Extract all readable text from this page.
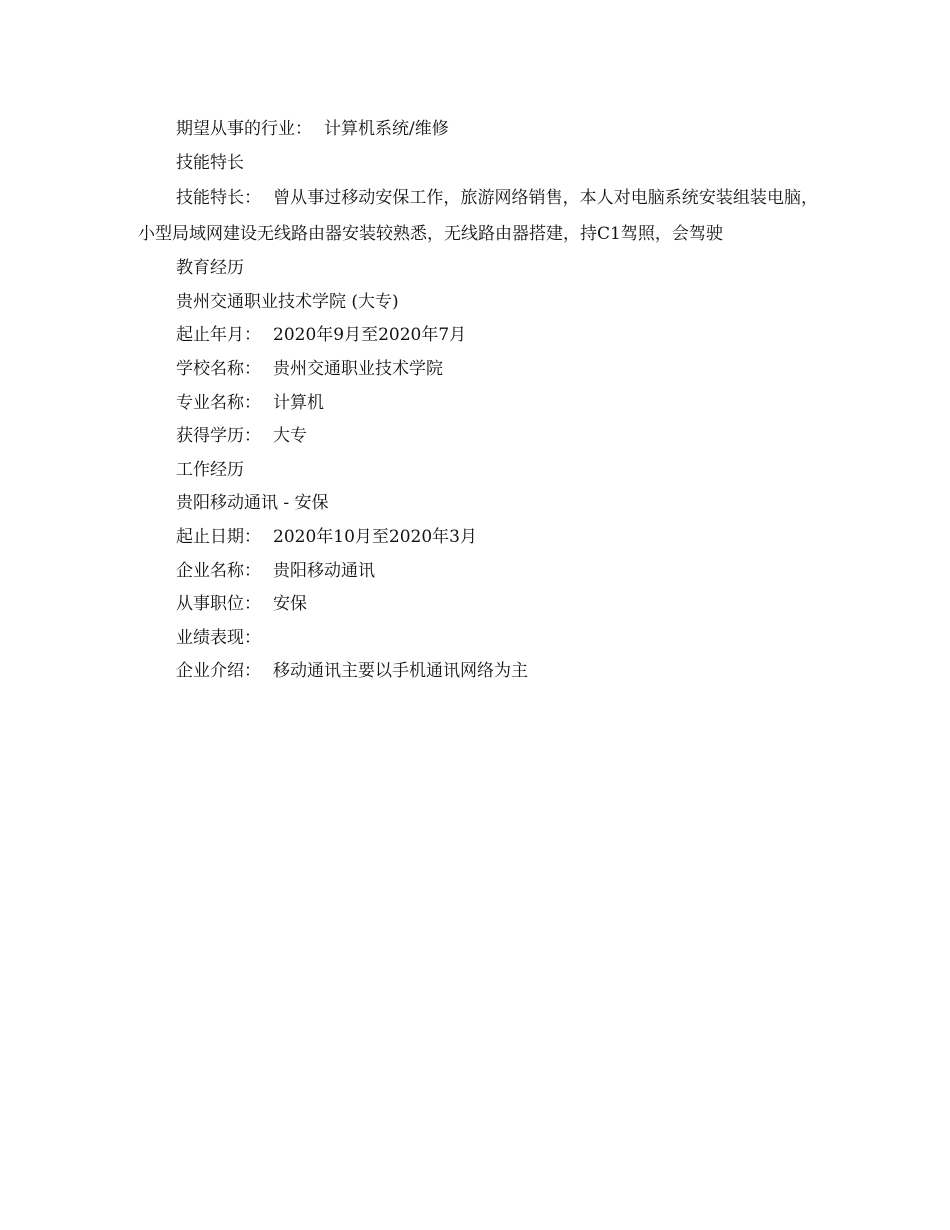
期望从事的行业： 计算机系统/维修
技能特长
技能特长： 曾从事过移动安保工作，旅游网络销售，本人对电脑系统安装组装电脑，小型局域网建设无线路由器安装较熟悉，无线路由器搭建，持C1驾照，会驾驶
教育经历
贵州交通职业技术学院 (大专)
起止年月： 2020年9月至2020年7月
学校名称： 贵州交通职业技术学院
专业名称： 计算机
获得学历： 大专
工作经历
贵阳移动通讯 - 安保
起止日期： 2020年10月至2020年3月
企业名称： 贵阳移动通讯
从事职位： 安保
业绩表现：
企业介绍： 移动通讯主要以手机通讯网络为主
